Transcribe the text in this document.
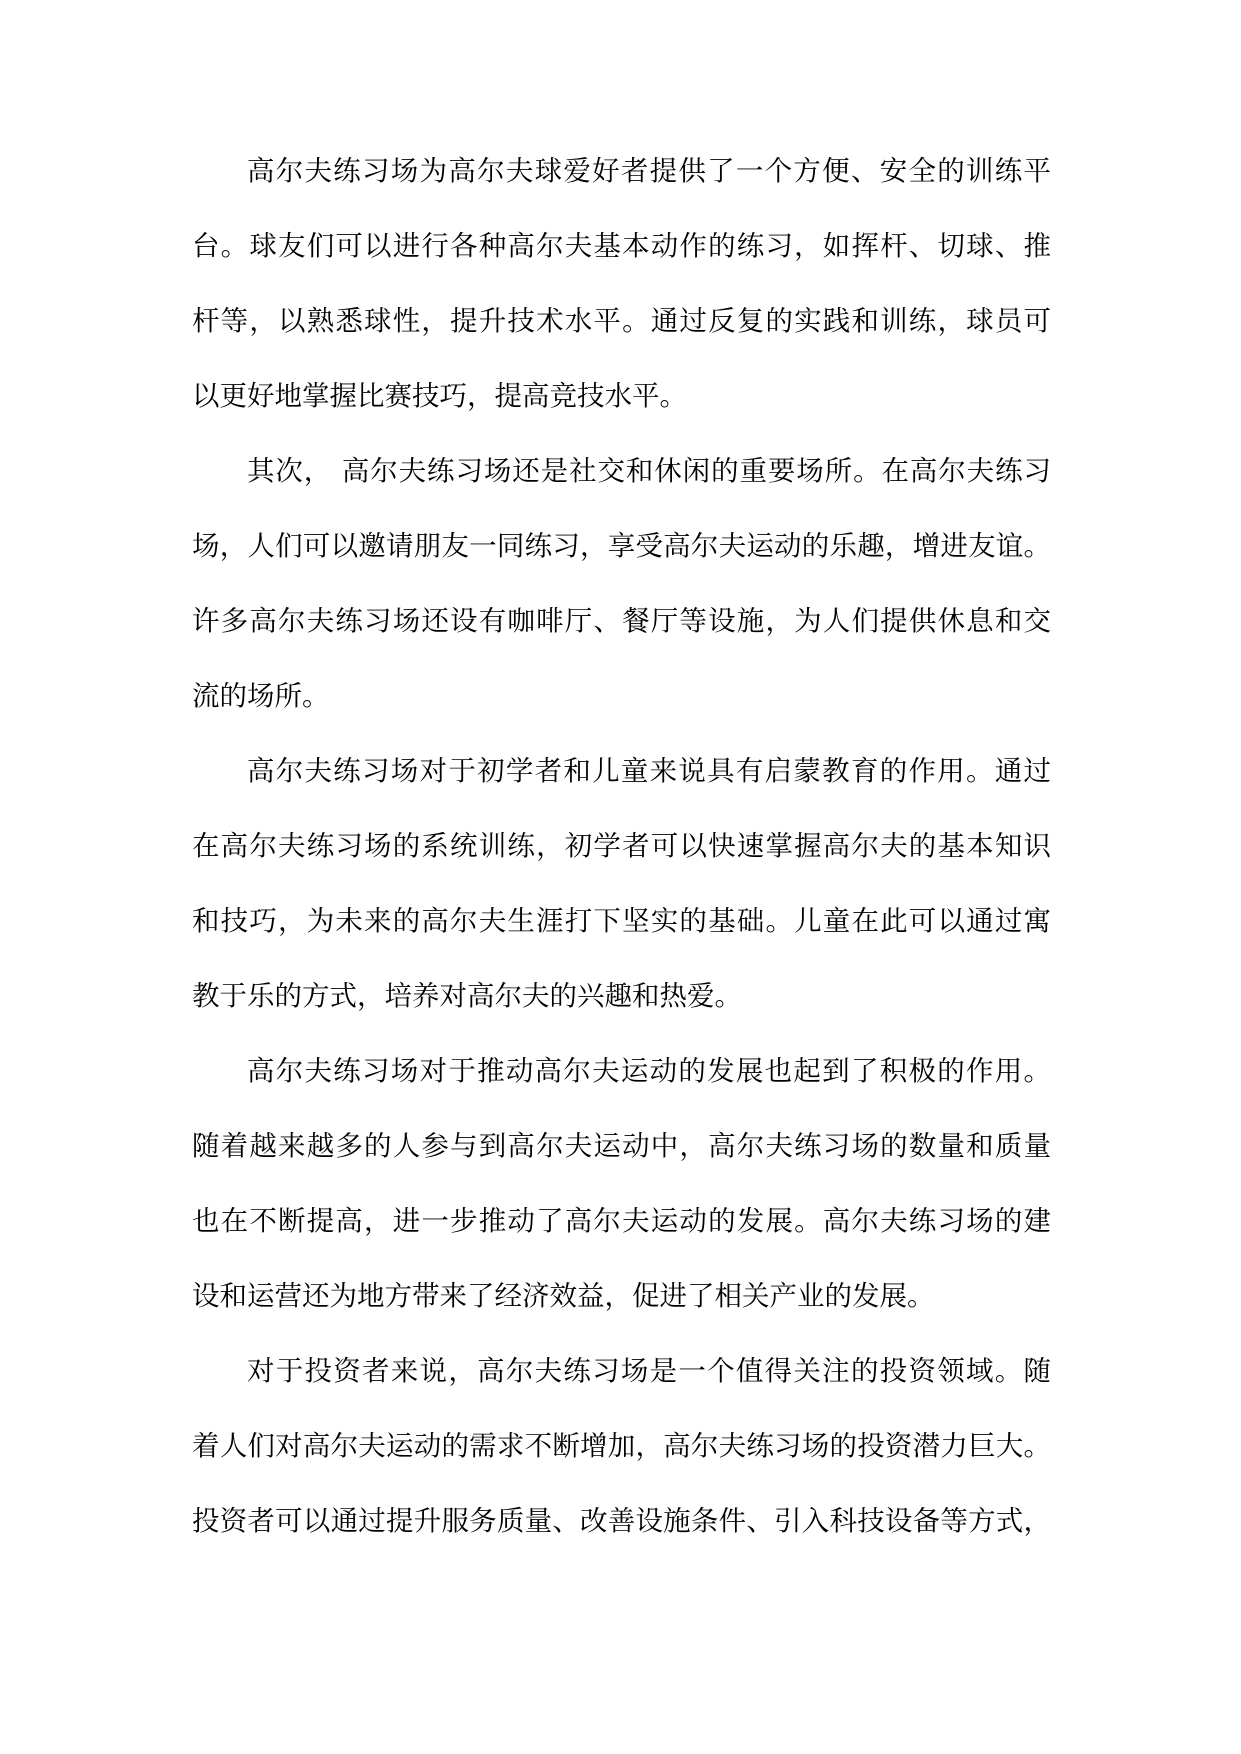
高尔夫练习场为高尔夫球爱好者提供了一个方便、安全的训练平
台。球友们可以进行各种高尔夫基本动作的练习，如挥杆、切球、推
杆等，以熟悉球性，提升技术水平。通过反复的实践和训练，球员可
以更好地掌握比赛技巧，提高竞技水平。
其次， 高尔夫练习场还是社交和休闲的重要场所。在高尔夫练习
场，人们可以邀请朋友一同练习，享受高尔夫运动的乐趣，增进友谊。
许多高尔夫练习场还设有咖啡厅、餐厅等设施，为人们提供休息和交
流的场所。
高尔夫练习场对于初学者和儿童来说具有启蒙教育的作用。通过
在高尔夫练习场的系统训练，初学者可以快速掌握高尔夫的基本知识
和技巧，为未来的高尔夫生涯打下坚实的基础。儿童在此可以通过寓
教于乐的方式，培养对高尔夫的兴趣和热爱。
高尔夫练习场对于推动高尔夫运动的发展也起到了积极的作用。
随着越来越多的人参与到高尔夫运动中，高尔夫练习场的数量和质量
也在不断提高，进一步推动了高尔夫运动的发展。高尔夫练习场的建
设和运营还为地方带来了经济效益，促进了相关产业的发展。
对于投资者来说，高尔夫练习场是一个值得关注的投资领域。随
着人们对高尔夫运动的需求不断增加，高尔夫练习场的投资潜力巨大。
投资者可以通过提升服务质量、改善设施条件、引入科技设备等方式，
